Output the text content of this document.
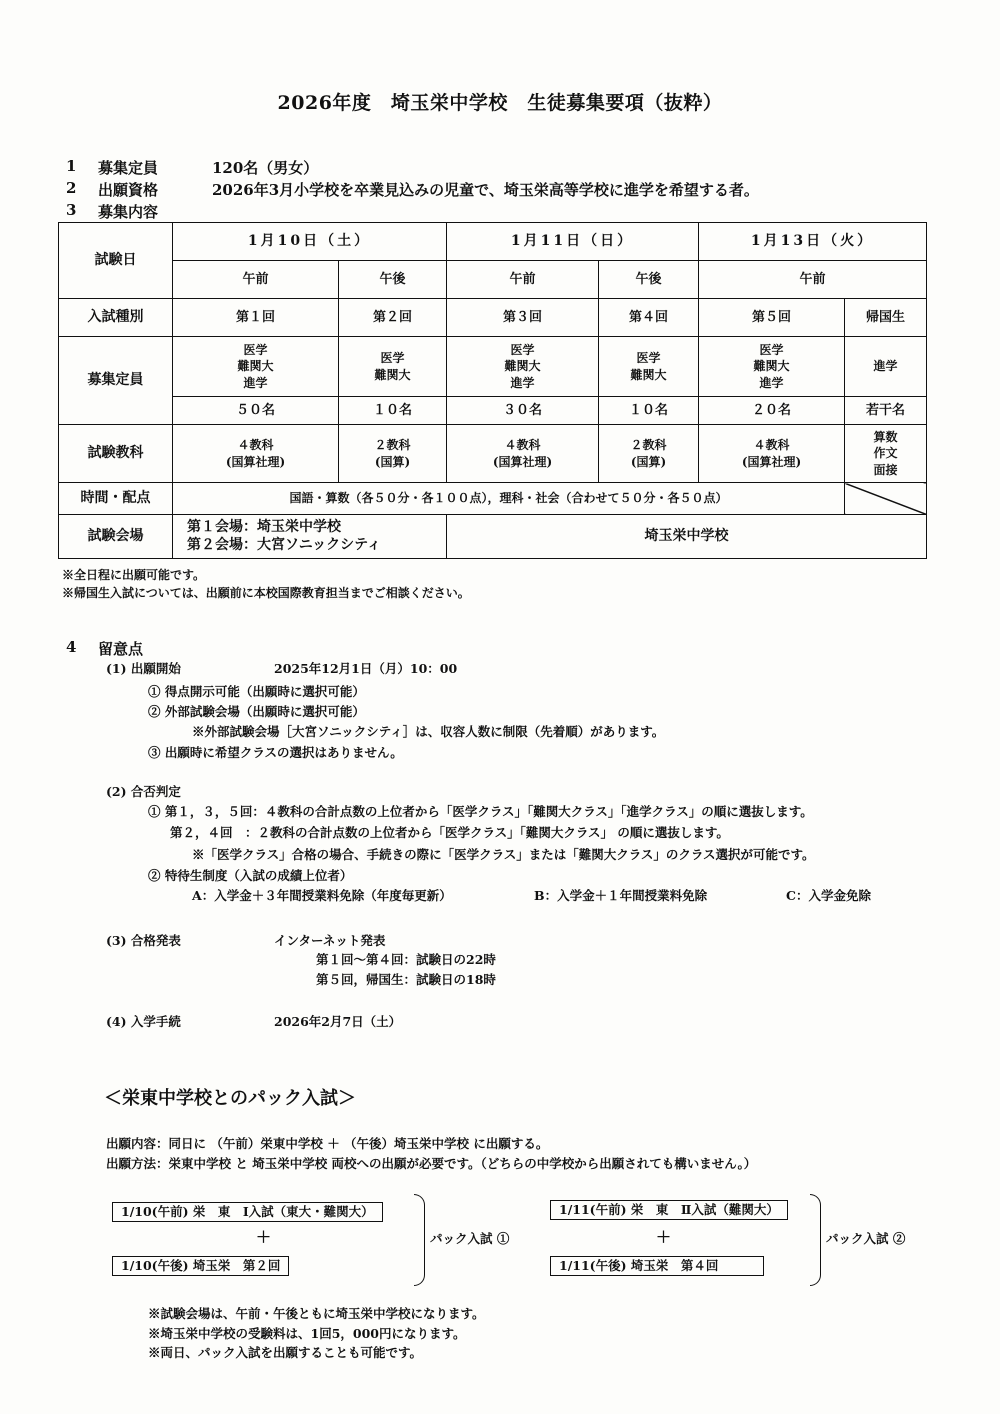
2026年度　埼玉栄中学校　生徒募集要項（抜粋）
1 募集定員	120名（男女）
2 出願資格	2026年3月小学校を卒業見込みの児童で、埼玉栄高等学校に進学を希望する者。
3 募集内容
試験日	1月10日（土）		1月11日（日）		1月13日（火）	
	午前	午後	午前	午後	午前	
入試種別	第１回	第２回	第３回	第４回	第５回	帰国生
募集定員	医学
難関大
進学	医学
難関大	医学
難関大
進学	医学
難関大	医学
難関大
進学	進学
	５０名	１０名	３０名	１０名	２０名	若干名
試験教科	４教科
(国算社理)	２教科
(国算)	４教科
(国算社理)	２教科
(国算)	４教科
(国算社理)	算数
作文
面接
時間・配点	国語・算数（各５０分・各１００点），理科・社会（合わせて５０分・各５０点）					
試験会場	第１会場：埼玉栄中学校
第２会場：大宮ソニックシティ		埼玉栄中学校			
※全日程に出願可能です。
※帰国生入試については、出願前に本校国際教育担当までご相談ください。
4 留意点
(1) 出願開始	2025年12月1日（月）10：00
① 得点開示可能（出願時に選択可能）
② 外部試験会場（出願時に選択可能）
※外部試験会場［大宮ソニックシティ］は、収容人数に制限（先着順）があります。
③ 出願時に希望クラスの選択はありません。
(2) 合否判定
① 第１，３，５回：４教科の合計点数の上位者から「医学クラス」「難関大クラス」「進学クラス」の順に選抜します。
第２，４回　：２教科の合計点数の上位者から「医学クラス」「難関大クラス」 の順に選抜します。
※「医学クラス」合格の場合、手続きの際に「医学クラス」または「難関大クラス」のクラス選択が可能です。
② 特待生制度（入試の成績上位者）
A：入学金＋３年間授業料免除（年度毎更新）	B：入学金＋１年間授業料免除	C：入学金免除
(3) 合格発表	インターネット発表
第１回～第４回：試験日の22時
第５回，帰国生：試験日の18時
(4) 入学手続	2026年2月7日（土）
＜栄東中学校とのパック入試＞
出願内容：同日に （午前）栄東中学校 ＋ （午後）埼玉栄中学校 に出願する。
出願方法：栄東中学校 と 埼玉栄中学校 両校への出願が必要です。（どちらの中学校から出願されても構いません。）
1/10(午前) 栄　東　Ⅰ入試（東大・難関大）
＋
1/10(午後) 埼玉栄　第２回
パック入試 ①
1/11(午前) 栄　東　Ⅱ入試（難関大）
＋
1/11(午後) 埼玉栄　第４回
パック入試 ②
※試験会場は、午前・午後ともに埼玉栄中学校になります。
※埼玉栄中学校の受験料は、1回5，000円になります。
※両日、パック入試を出願することも可能です。
